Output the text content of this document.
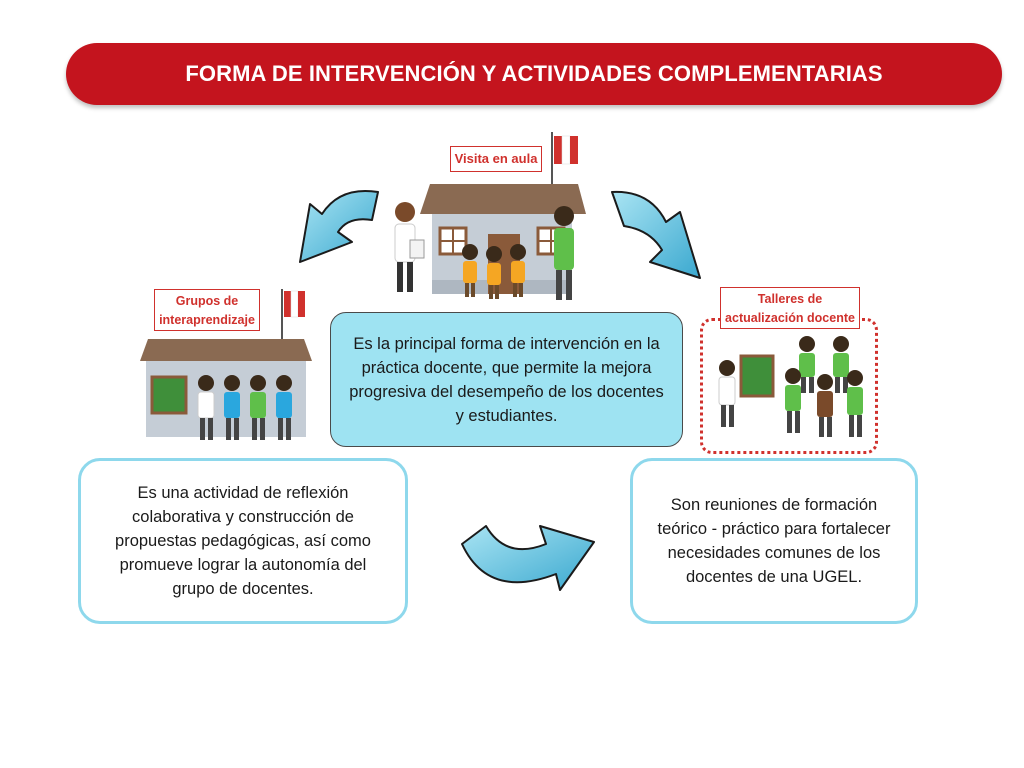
FORMA DE INTERVENCIÓN Y ACTIVIDADES COMPLEMENTARIAS
Visita en aula
Grupos de
interaprendizaje
Talleres de
actualización docente
Es la principal forma de intervención en la práctica docente, que permite la mejora progresiva del desempeño de los docentes y estudiantes.
Es una actividad de reflexión colaborativa y construcción de propuestas pedagógicas, así como promueve lograr la autonomía del grupo de docentes.
Son reuniones de formación teórico - práctico para fortalecer necesidades comunes de los docentes de una UGEL.
